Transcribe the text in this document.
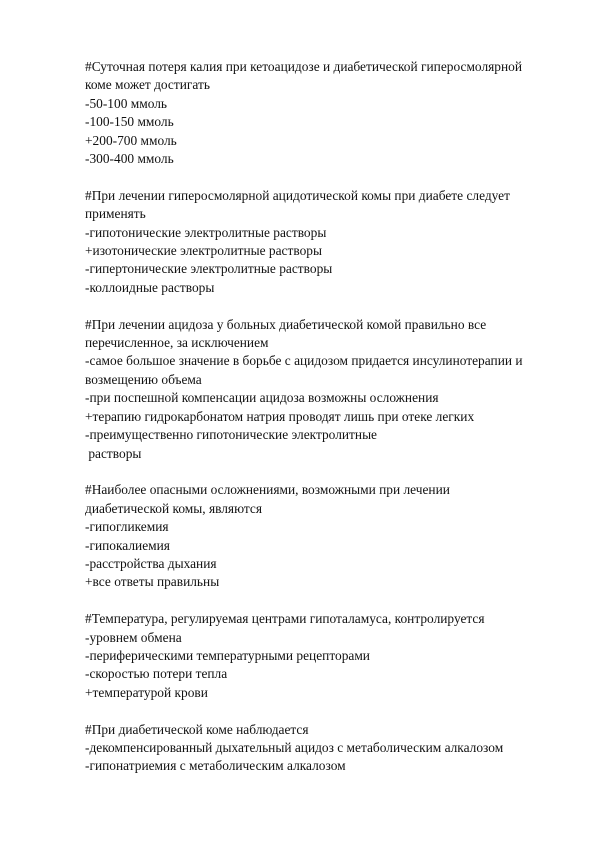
#Суточная потеря калия при кетоацидозе и диабетической гиперосмолярной
коме может достигать
-50-100 ммоль
-100-150 ммоль
+200-700 ммоль
-300-400 ммоль
#При лечении гиперосмолярной ацидотической комы при диабете следует
применять
-гипотонические электролитные растворы
+изотонические электролитные растворы
-гипертонические электролитные растворы
-коллоидные растворы
#При лечении ацидоза у больных диабетической комой правильно все
перечисленное, за исключением
-самое большое значение в борьбе с ацидозом придается инсулинотерапии и
возмещению объема
-при поспешной компенсации ацидоза возможны осложнения
+терапию гидрокарбонатом натрия проводят лишь при отеке легких
-преимущественно гипотонические электролитные
растворы
#Наиболее опасными осложнениями, возможными при лечении
диабетической комы, являются
-гипогликемия
-гипокалиемия
-расстройства дыхания
+все ответы правильны
#Температура, регулируемая центрами гипоталамуса, контролируется
-уровнем обмена
-периферическими температурными рецепторами
-скоростью потери тепла
+температурой крови
#При диабетической коме наблюдается
-декомпенсированный дыхательный ацидоз с метаболическим алкалозом
-гипонатриемия с метаболическим алкалозом
